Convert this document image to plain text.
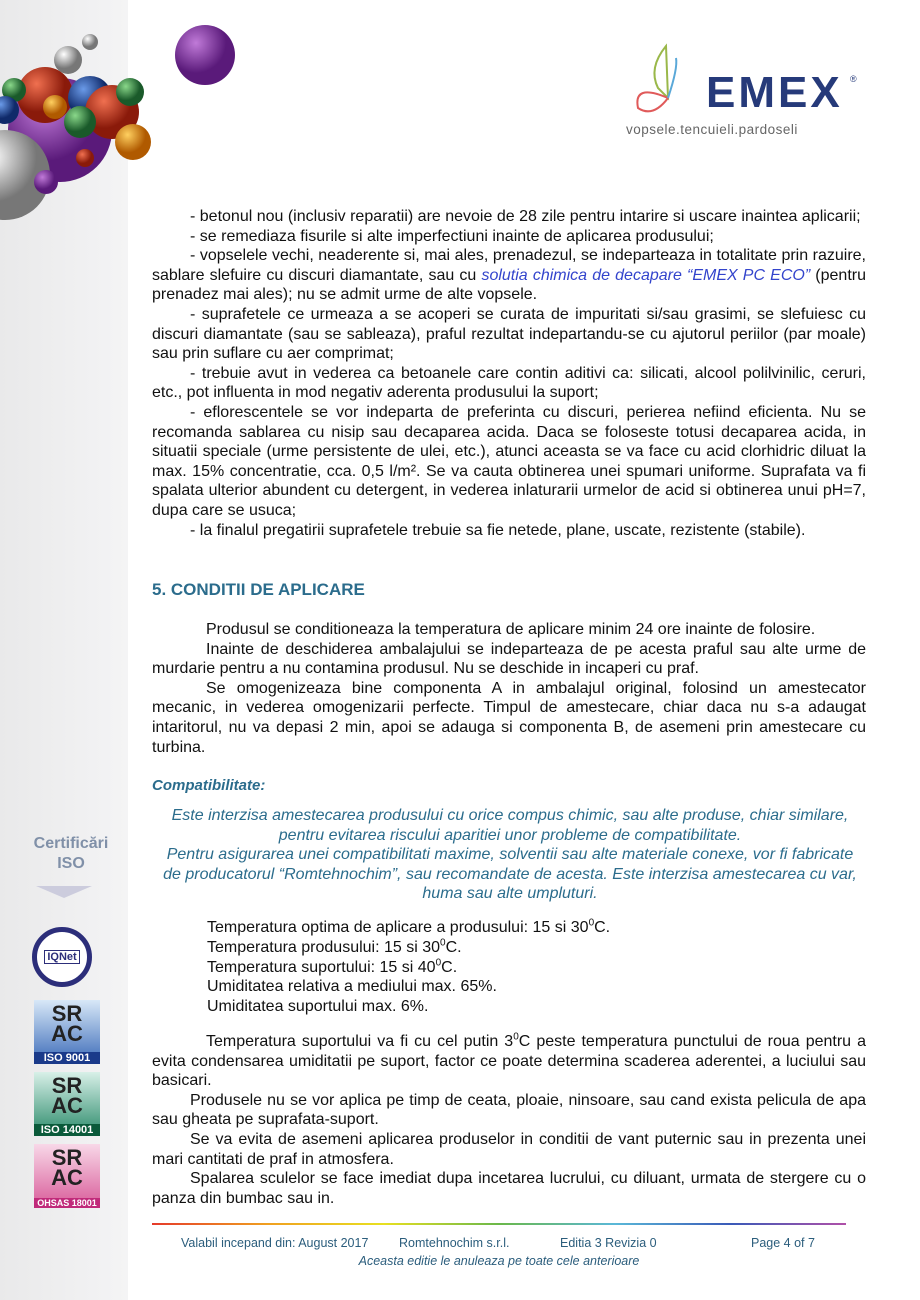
EMEX ®
vopsele.tencuieli.pardoseli
- betonul nou (inclusiv reparatii) are nevoie de 28 zile pentru intarire si uscare inaintea aplicarii;
- se remediaza fisurile si alte imperfectiuni inainte de aplicarea produsului;
- vopselele vechi, neaderente si, mai ales, prenadezul, se indeparteaza in totalitate prin razuire, sablare slefuire cu discuri diamantate, sau cu solutia chimica de decapare “EMEX PC ECO” (pentru prenadez mai ales); nu se admit urme de alte vopsele.
- suprafetele ce urmeaza a se acoperi se curata de impuritati si/sau grasimi, se slefuiesc cu discuri diamantate (sau se sableaza), praful rezultat indepartandu-se cu ajutorul periilor (par moale) sau prin suflare cu aer comprimat;
- trebuie avut in vederea ca betoanele care contin aditivi ca: silicati, alcool polilvinilic, ceruri, etc., pot influenta in mod negativ aderenta produsului la suport;
- eflorescentele se vor indeparta de preferinta cu discuri, perierea nefiind eficienta. Nu se recomanda sablarea cu nisip sau decaparea acida. Daca se foloseste totusi decaparea acida, in situatii speciale (urme persistente de ulei, etc.), atunci aceasta se va face cu acid clorhidric diluat la max. 15% concentratie, cca. 0,5 l/m². Se va cauta obtinerea unei spumari uniforme. Suprafata va fi spalata ulterior abundent cu detergent, in vederea inlaturarii urmelor de acid si obtinerea unui pH=7, dupa care se usuca;
- la finalul pregatirii suprafetele trebuie sa fie netede, plane, uscate, rezistente (stabile).
5. CONDITII DE APLICARE
Produsul se conditioneaza la temperatura de aplicare minim 24 ore inainte de folosire.
Inainte de deschiderea ambalajului se indeparteaza de pe acesta praful sau alte urme de murdarie pentru a nu contamina produsul. Nu se deschide in incaperi cu praf.
Se omogenizeaza bine componenta A in ambalajul original, folosind un amestecator mecanic, in vederea omogenizarii perfecte. Timpul de amestecare, chiar daca nu s-a adaugat intaritorul, nu va depasi 2 min, apoi se adauga si componenta B, de asemeni prin amestecare cu turbina.
Compatibilitate:

Este interzisa amestecarea produsului cu orice compus chimic, sau alte produse, chiar similare, pentru evitarea riscului aparitiei unor probleme de compatibilitate.

Pentru asigurarea unei compatibilitati maxime, solventii sau alte materiale conexe, vor fi fabricate de producatorul “Romtehnochim”, sau recomandate de acesta. Este interzisa amestecarea cu var, huma sau alte umpluturi.

Temperatura optima de aplicare a produsului: 15 si $30^0C$.
Temperatura produsului: 15 si $30^0C$.
Temperatura suportului: 15 si $40^0C$.
Umiditatea relativa a mediului max. 65%.
Umiditatea suportului max. 6%.
Temperatura suportului va fi cu cel putin $3^0C$ peste temperatura punctului de roua pentru a evita condensarea umiditatii pe suport, factor ce poate determina scaderea aderentei, a luciului sau basicari.
Produsele nu se vor aplica pe timp de ceata, ploaie, ninsoare, sau cand exista pelicula de apa sau gheata pe suprafata-suport.
Se va evita de asemeni aplicarea produselor in conditii de vant puternic sau in prezenta unei mari cantitati de praf in atmosfera.
Spalarea sculelor se face imediat dupa incetarea lucrului, cu diluant, urmata de stergere cu o panza din bumbac sau in.
Certificări
ISO
IQNet
SR
AC
ISO 9001
SR
AC
ISO 14001
SR
AC
OHSAS 18001
Valabil incepand din: August 2017 Romtehnochim s.r.l.	Editia 3 Revizia 0	Page 4 of 7
Aceasta editie le anuleaza pe toate cele anterioare
